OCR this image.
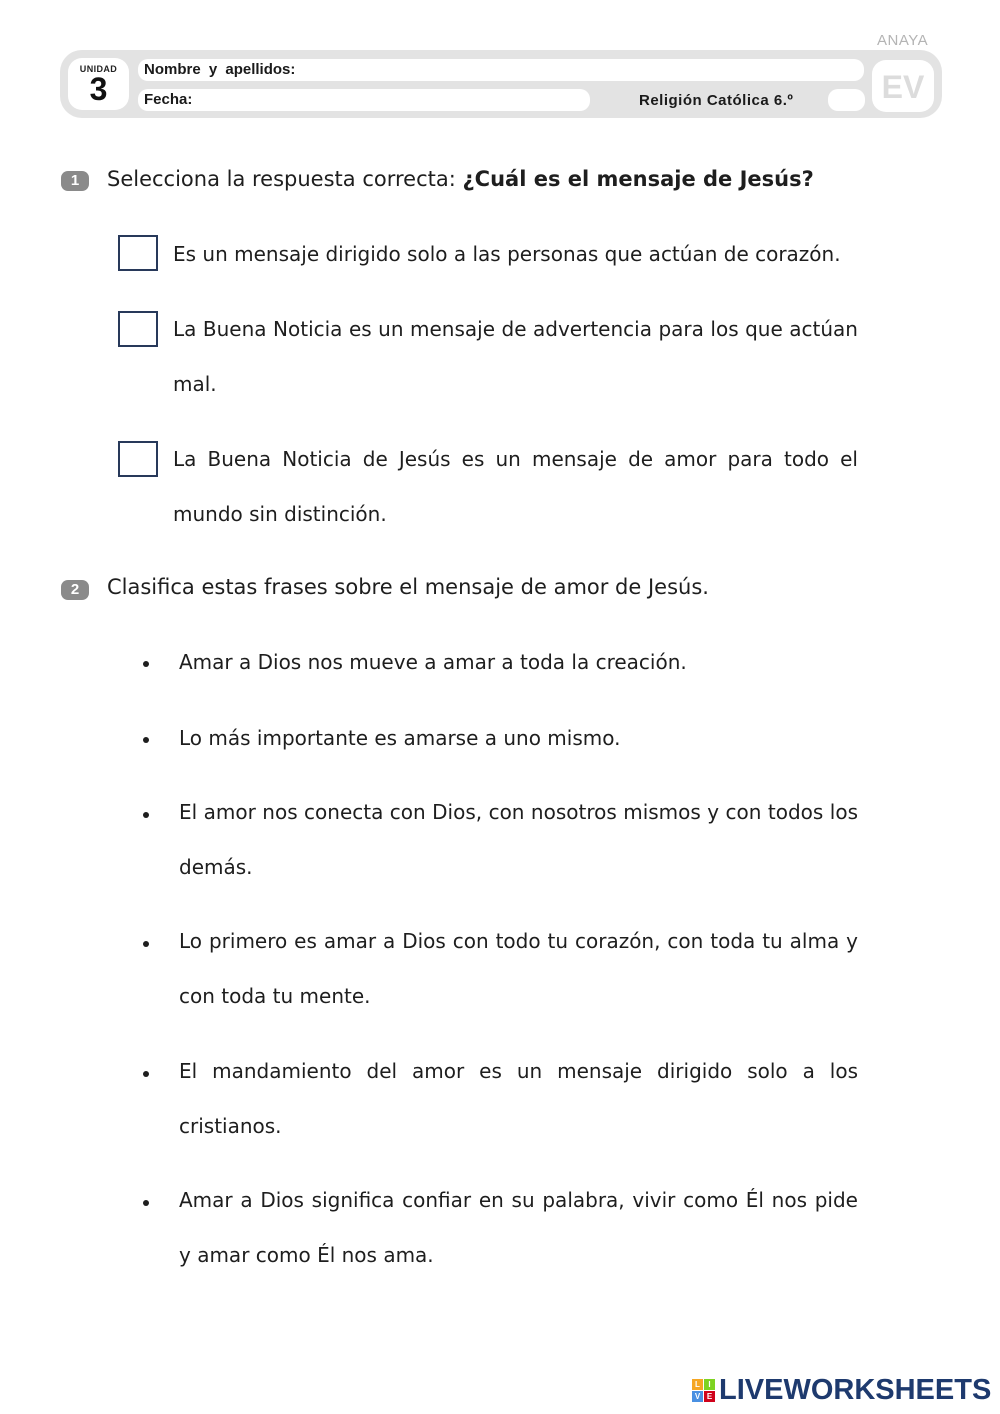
ANAYA
UNIDAD
3
Nombre y apellidos:
Fecha:	Religión Católica 6.º	EV
1	Selecciona la respuesta correcta: ¿Cuál es el mensaje de Jesús?
Es un mensaje dirigido solo a las personas que actúan de corazón.
La Buena Noticia es un mensaje de advertencia para los que actúan mal.
La Buena Noticia de Jesús es un mensaje de amor para todo el mundo sin distinción.
2	Clasifica estas frases sobre el mensaje de amor de Jesús.
Amar a Dios nos mueve a amar a toda la creación.
Lo más importante es amarse a uno mismo.
El amor nos conecta con Dios, con nosotros mismos y con todos los demás.
Lo primero es amar a Dios con todo tu corazón, con toda tu alma y con toda tu mente.
El mandamiento del amor es un mensaje dirigido solo a los cristianos.
Amar a Dios significa confiar en su palabra, vivir como Él nos pide y amar como Él nos ama.
L	I
V E LIVEWORKSHEETS
